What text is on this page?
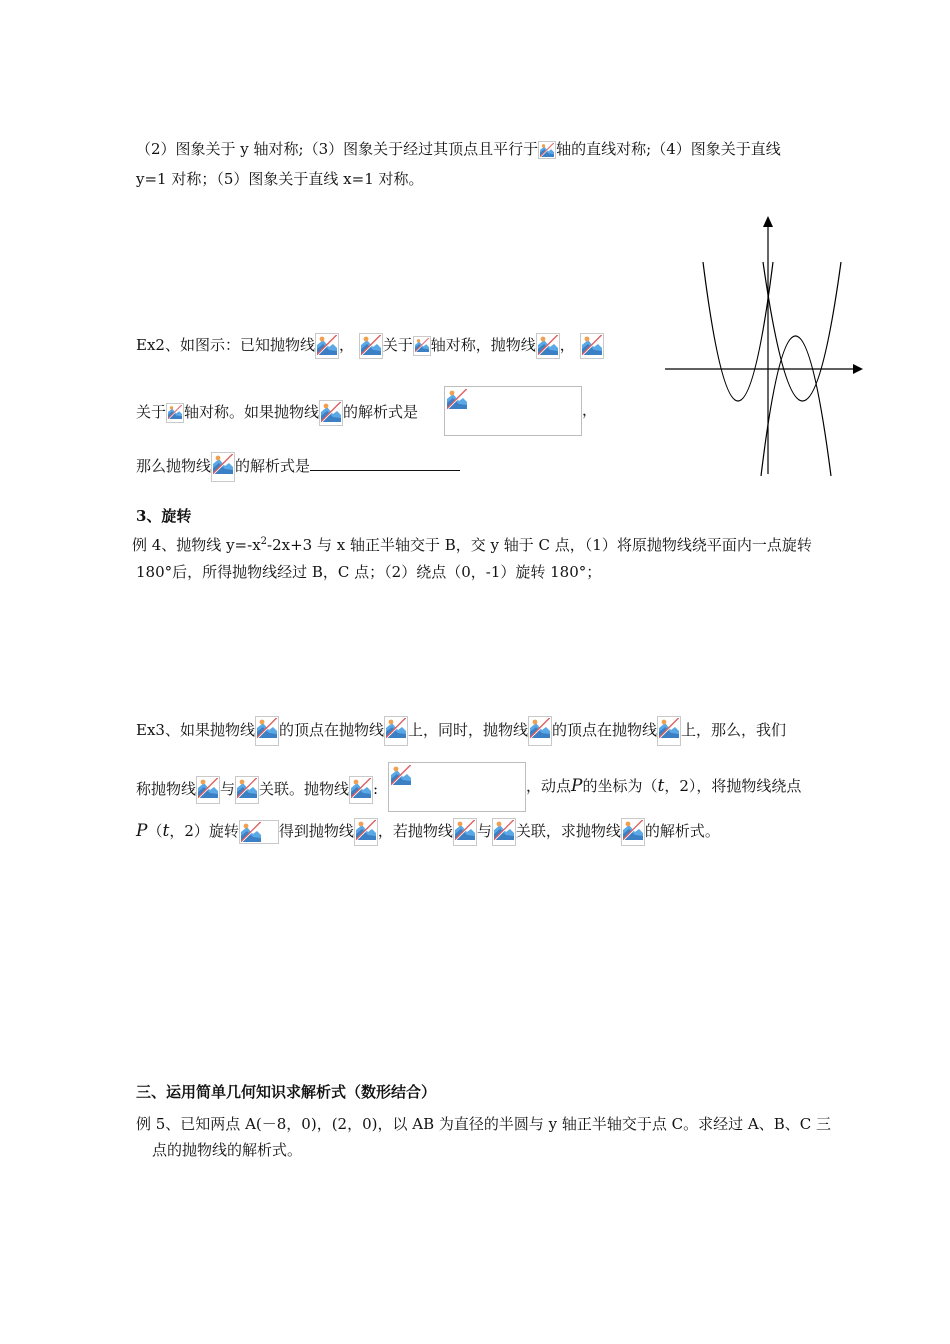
（2）图象关于 y 轴对称;（3）图象关于经过其顶点且平行于 轴的直线对称;（4）图象关于直线
y=1 对称；（5）图象关于直线 x=1 对称。
Ex2、如图示：已知抛物线 ， 关于 轴对称，抛物线 ，
关于 轴对称。如果抛物线 的解析式是	，
那么抛物线 的解析式是
3、旋转
例 4、抛物线 $y=-x^2-2x+3$ 与 x 轴正半轴交于 B，交 y 轴于 C 点，（1）将原抛物线绕平面内一点旋转
180°后，所得抛物线经过 B，C 点；（2）绕点（0，-1）旋转 180°；
Ex3、如果抛物线 的顶点在抛物线 上，同时，抛物线 的顶点在抛物线 上，那么，我们
称抛物线 与 关联。抛物线 :	，动点P的坐标为（t，2），将抛物线绕点
P（t，2）旋转	得到抛物线 ，若抛物线 与 关联，求抛物线 的解析式。
三、运用简单几何知识求解析式（数形结合）
例 5、已知两点 A(－8，0)，(2，0)，以 AB 为直径的半圆与 y 轴正半轴交于点 C。求经过 A、B、C 三
点的抛物线的解析式。
